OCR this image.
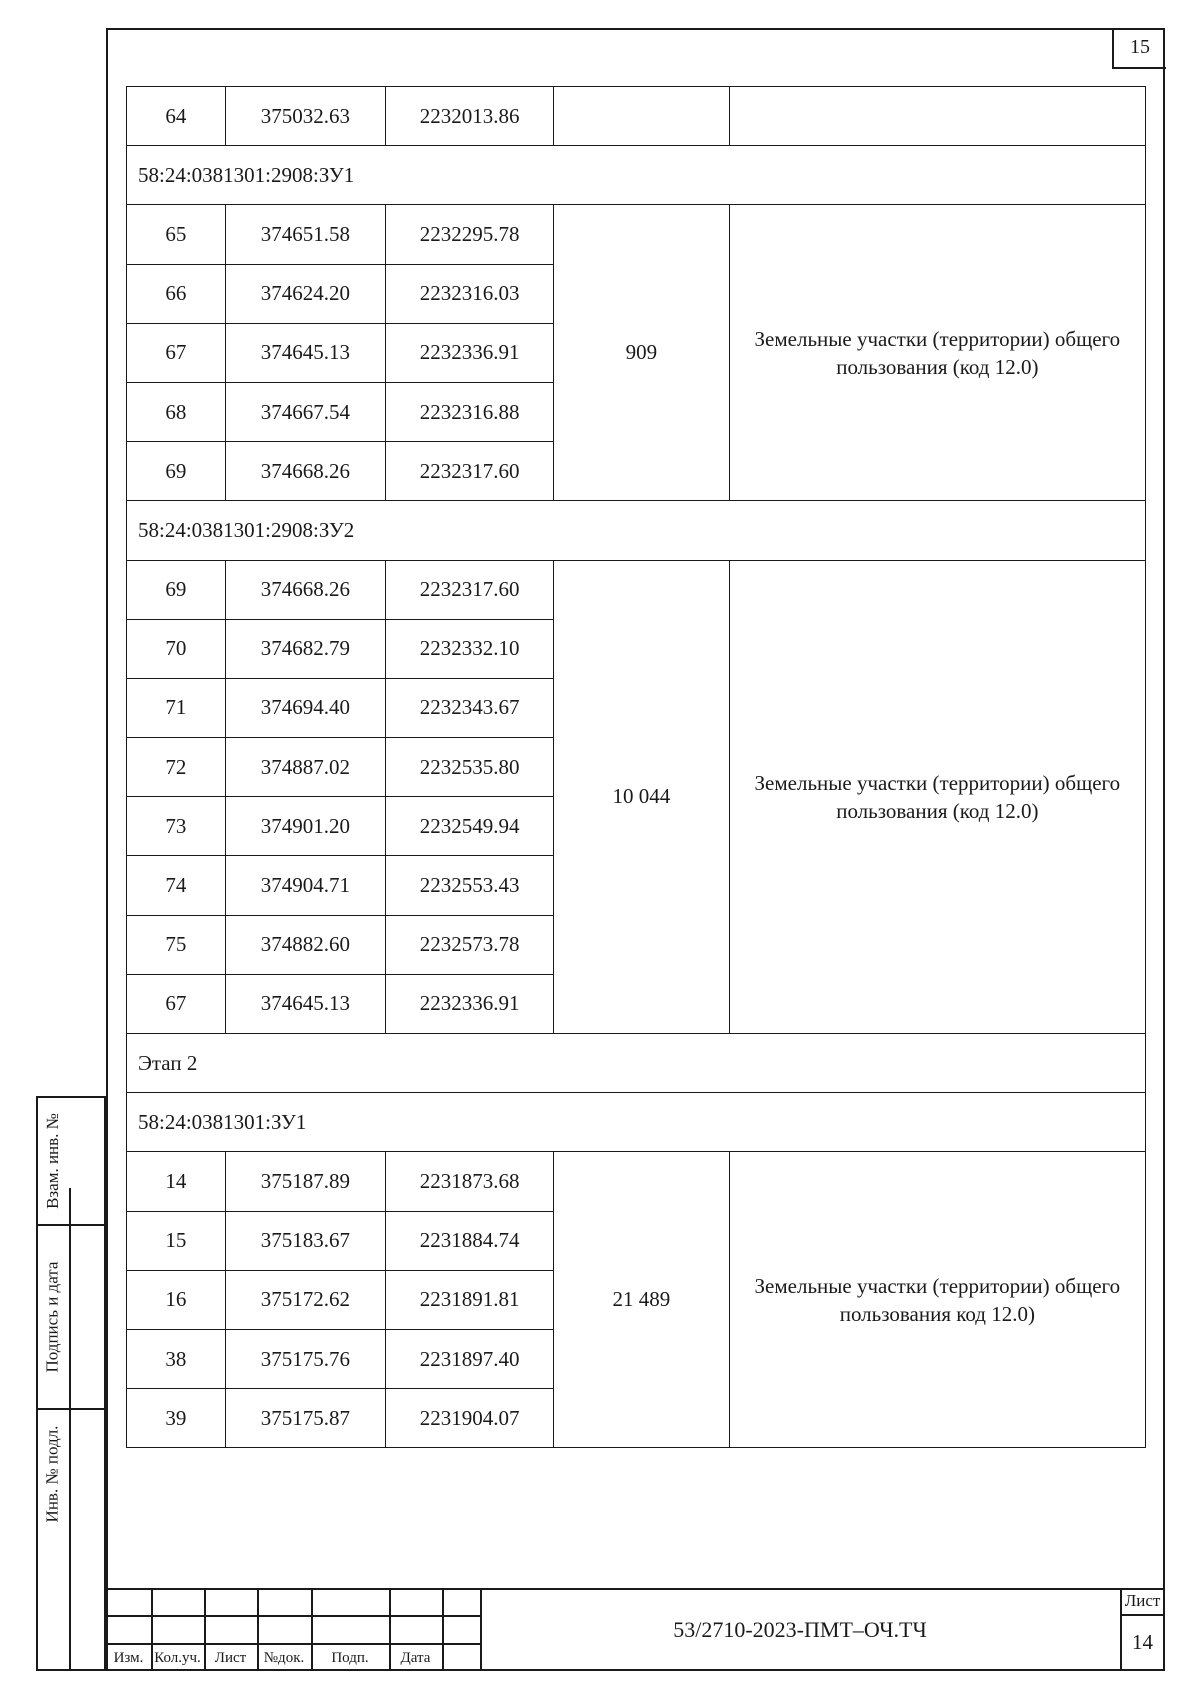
15
64	375032.63	2232013.86		
58:24:0381301:2908:ЗУ1				
65	374651.58	2232295.78	909	Земельные участки (территории) общего пользования (код 12.0)
66	374624.20	2232316.03		
67	374645.13	2232336.91		
68	374667.54	2232316.88		
69	374668.26	2232317.60		
58:24:0381301:2908:ЗУ2				
69	374668.26	2232317.60	10 044	Земельные участки (территории) общего пользования (код 12.0)
70	374682.79	2232332.10		
71	374694.40	2232343.67		
72	374887.02	2232535.80		
73	374901.20	2232549.94		
74	374904.71	2232553.43		
75	374882.60	2232573.78		
67	374645.13	2232336.91		
Этап 2				
58:24:0381301:ЗУ1				
14	375187.89	2231873.68	21 489	Земельные участки (территории) общего пользования код 12.0)
15	375183.67	2231884.74		
16	375172.62	2231891.81		
38	375175.76	2231897.40		
39	375175.87	2231904.07		
Взам. инв. №
Подпись и дата
Инв. № подл.
Изм. Кол.уч. Лист	№док.	Подп.	Дата
53/2710-2023-ПМТ–ОЧ.ТЧ
Лист
14
